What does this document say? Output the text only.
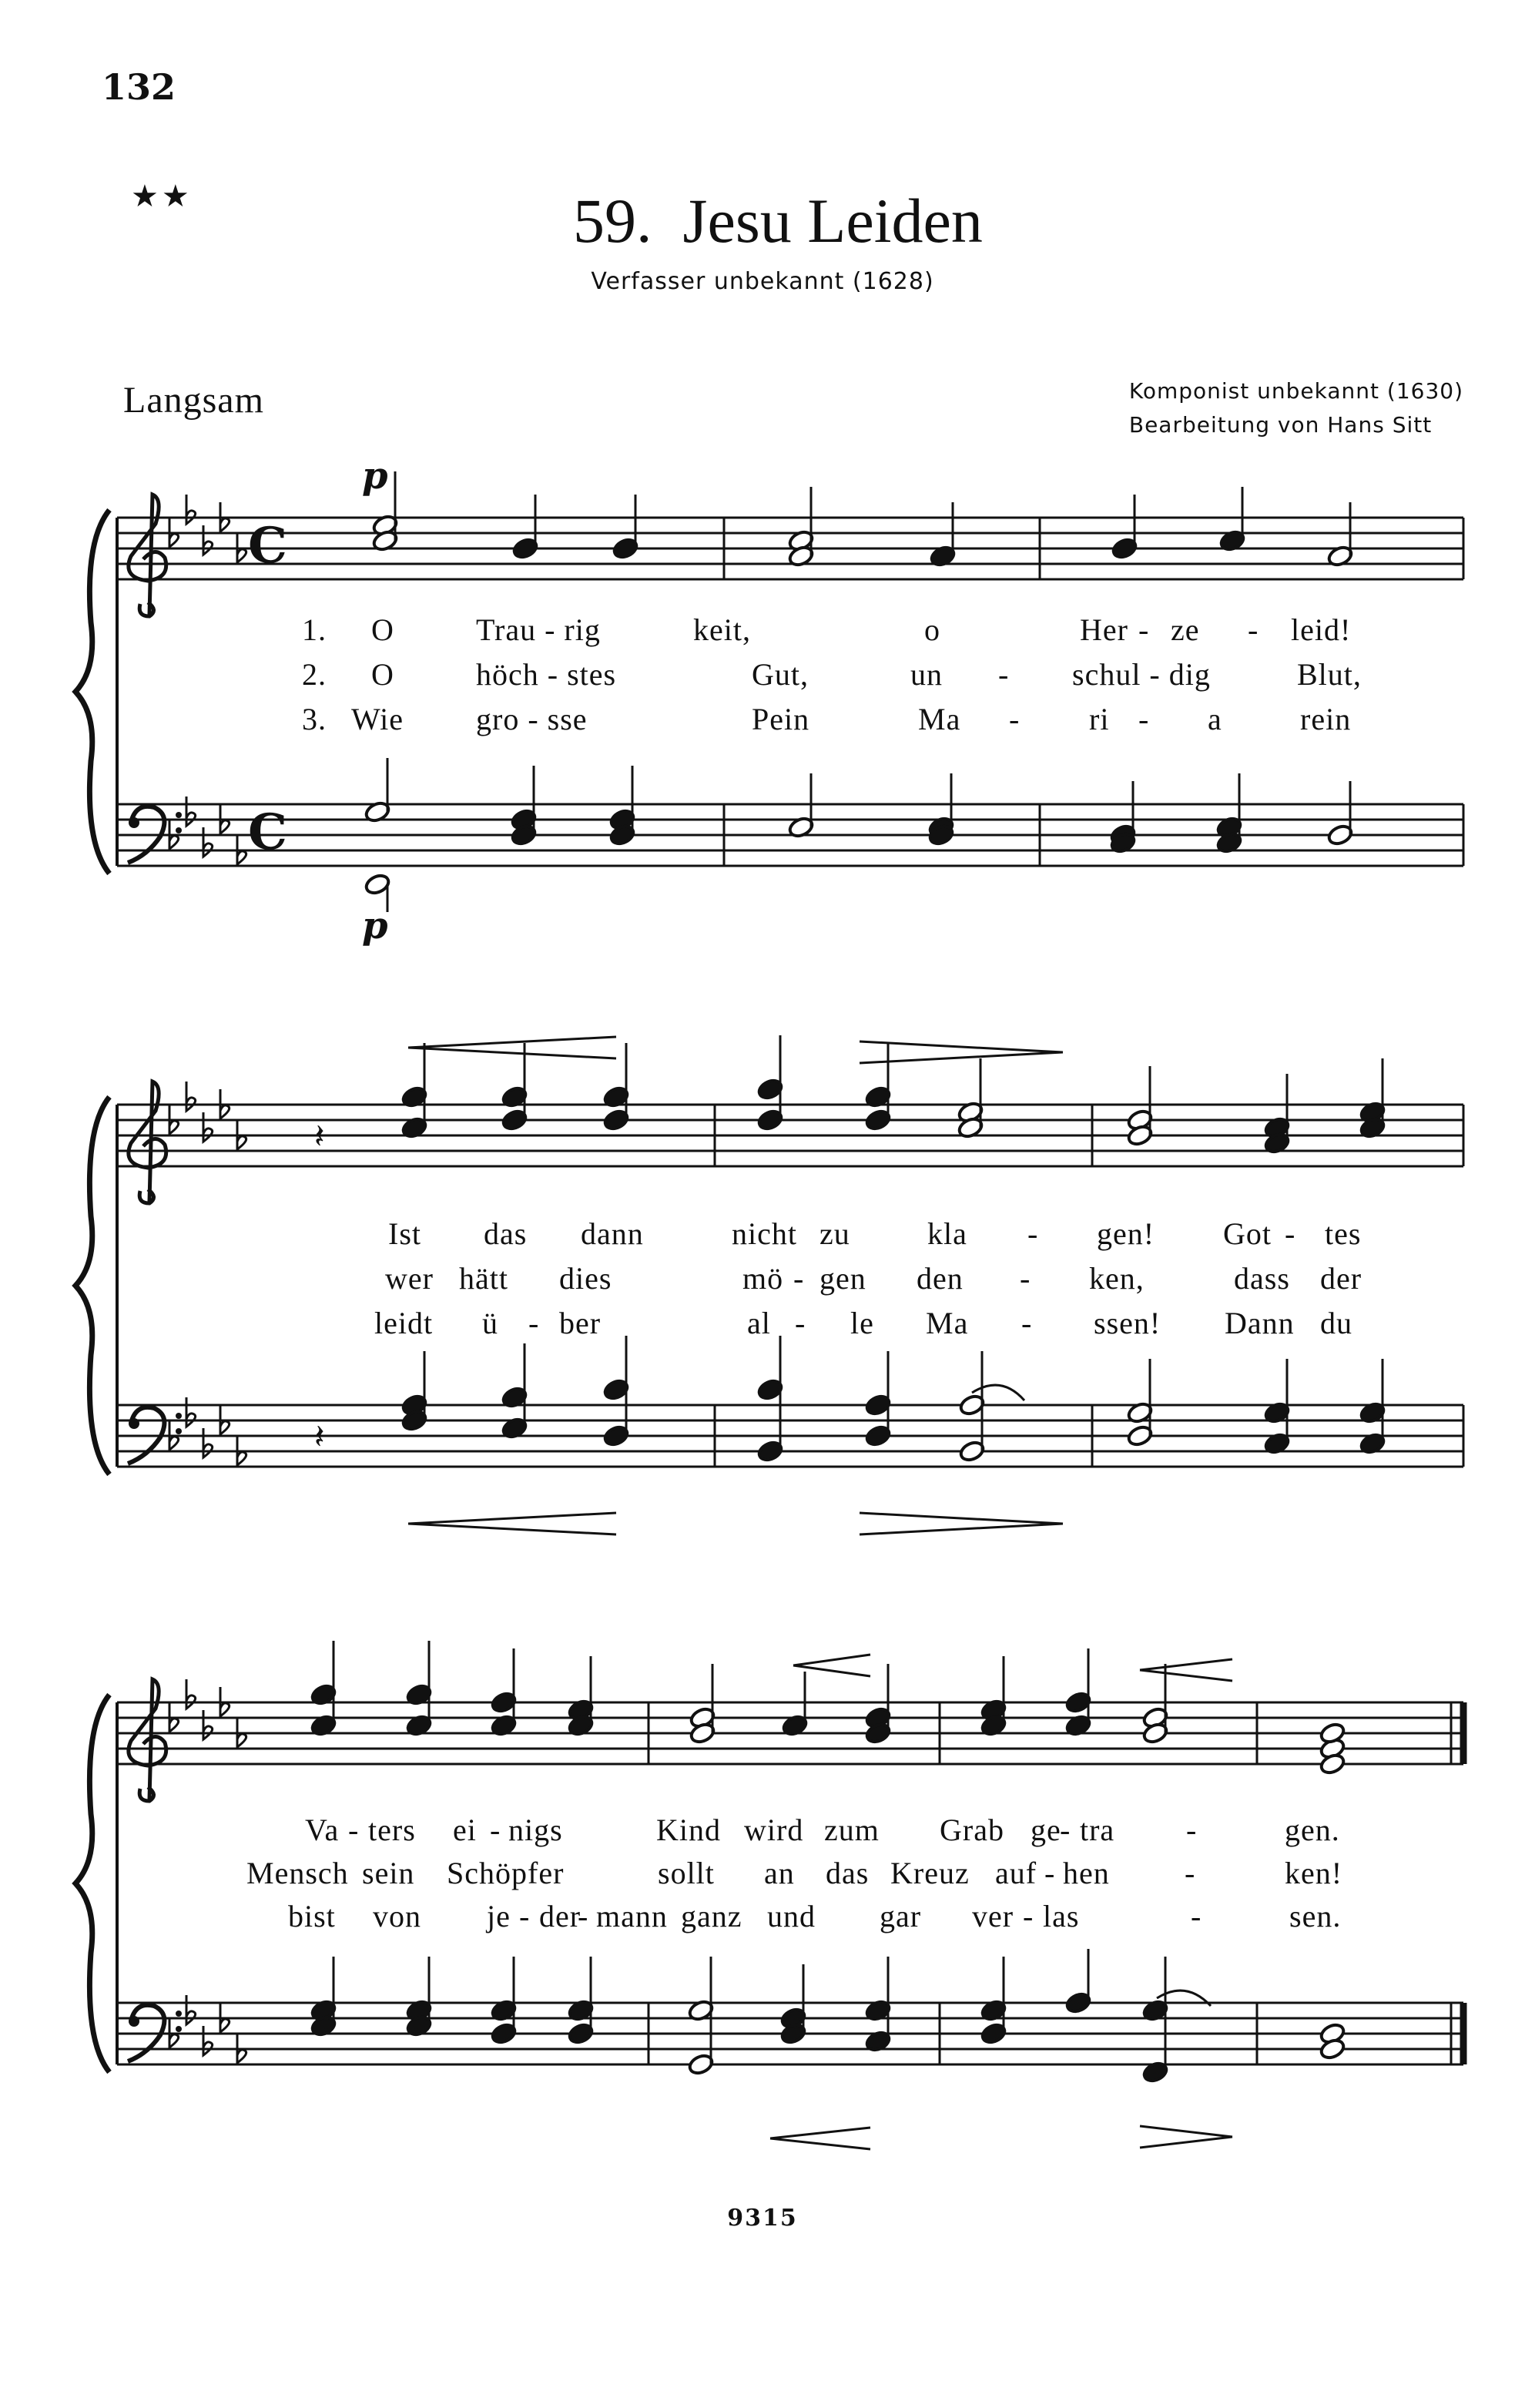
132
★★	59. Jesu Leiden
Verfasser unbekannt (1628)
Langsam	Komponist unbekannt (1630)
Bearbeitung von Hans Sitt
1. O	Trau - rig	keit,	o	Her - ze - leid!
2. O	höch - stes	Gut,	un - schul - dig	Blut,
3. Wie gro - sse	Pein	Ma - ri - a	rein
Ist das dann	nicht zu	kla - gen! Got - tes
wer hätt dies	mö - gen den - ken,	dass der
leidt ü - ber	al - le Ma - ssen! Dann du
Va - ters ei - nigs	Kind wird zum Grab ge
- tra -	gen.
Mensch sein Schöpfer	sollt an das Kreuz auf - hen -	ken!
bist von je - der
- mann ganz und gar ver - las	-	sen.
9315
C
C
p
p
𝄽
𝄽
